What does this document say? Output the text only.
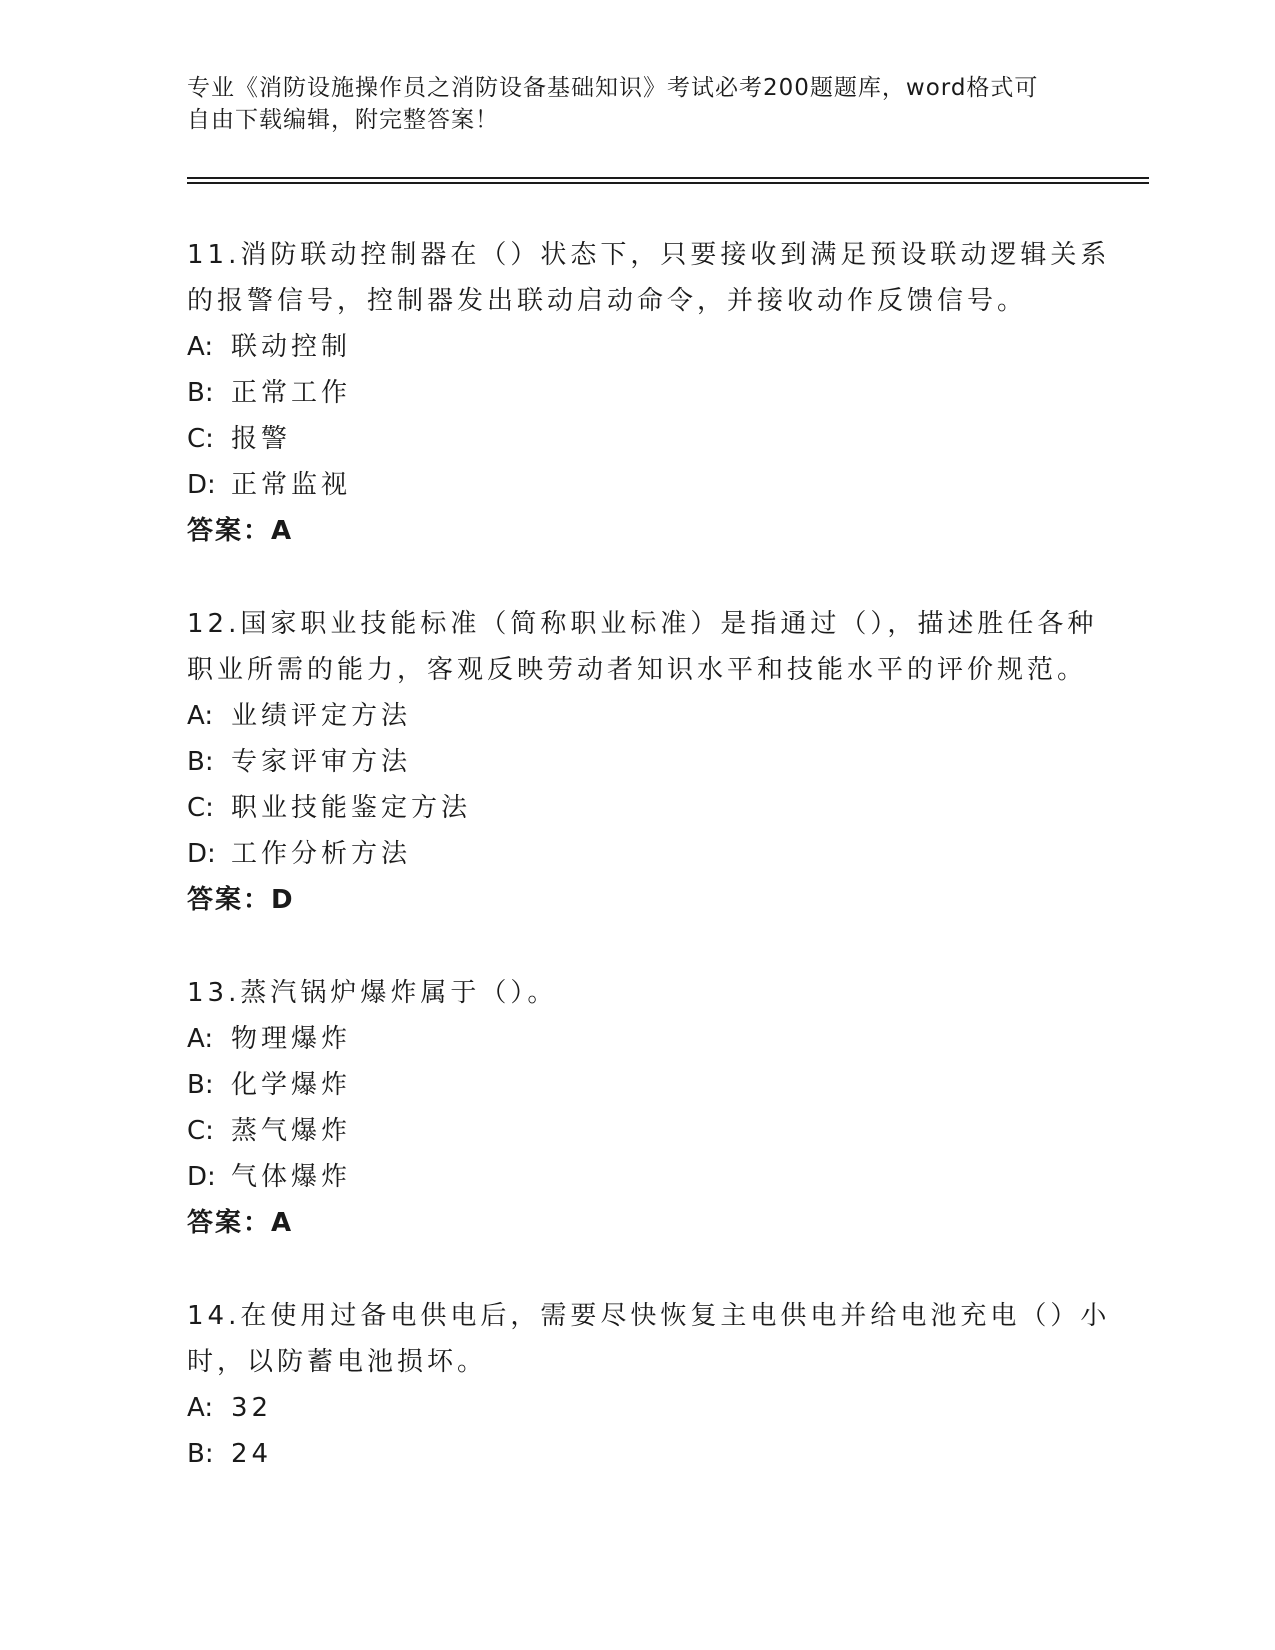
专业《消防设施操作员之消防设备基础知识》考试必考200题题库，word格式可
自由下载编辑，附完整答案！
11.消防联动控制器在（）状态下，只要接收到满足预设联动逻辑关系
的报警信号，控制器发出联动启动命令，并接收动作反馈信号。
A: 联动控制
B: 正常工作
C: 报警
D: 正常监视
答案：A
12.国家职业技能标准（简称职业标准）是指通过（），描述胜任各种
职业所需的能力，客观反映劳动者知识水平和技能水平的评价规范。
A: 业绩评定方法
B: 专家评审方法
C: 职业技能鉴定方法
D: 工作分析方法
答案：D
13.蒸汽锅炉爆炸属于（）。
A: 物理爆炸
B: 化学爆炸
C: 蒸气爆炸
D: 气体爆炸
答案：A
14.在使用过备电供电后，需要尽快恢复主电供电并给电池充电（）小
时，以防蓄电池损坏。
A: 32
B: 24
